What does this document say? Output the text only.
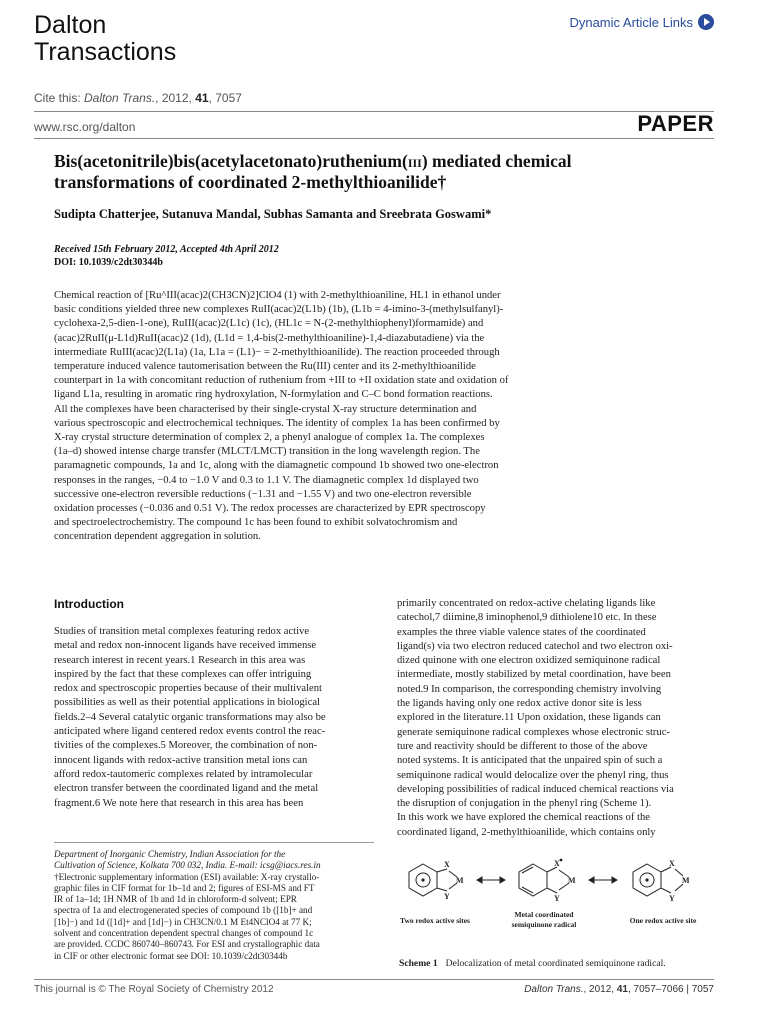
Dalton
Transactions
Dynamic Article Links
Cite this: Dalton Trans., 2012, 41, 7057
www.rsc.org/dalton	PAPER
Bis(acetonitrile)bis(acetylacetonato)ruthenium(iii) mediated chemical
transformations of coordinated 2-methylthioanilide†
Sudipta Chatterjee, Sutanuva Mandal, Subhas Samanta and Sreebrata Goswami*
Received 15th February 2012, Accepted 4th April 2012
DOI: 10.1039/c2dt30344b

Chemical reaction of [Ru^III(acac)2(CH3CN)2]ClO4 (1) with 2-methylthioaniline, HL1 in ethanol under

basic conditions yielded three new complexes RuII(acac)2(L1b) (1b), (L1b = 4-imino-3-(methylsulfanyl)-

cyclohexa-2,5-dien-1-one), RuIII(acac)2(L1c) (1c), (HL1c = N-(2-methylthiophenyl)formamide) and

(acac)2RuII(μ-L1d)RuII(acac)2 (1d), (L1d = 1,4-bis(2-methylthioaniline)-1,4-diazabutadiene) via the

intermediate RuIII(acac)2(L1a) (1a, L1a = (L1)− = 2-methylthioanilide). The reaction proceeded through

temperature induced valence tautomerisation between the Ru(III) center and its 2-methylthioanilide

counterpart in 1a with concomitant reduction of ruthenium from +III to +II oxidation state and oxidation of

ligand L1a, resulting in aromatic ring hydroxylation, N-formylation and C–C bond formation reactions.

All the complexes have been characterised by their single-crystal X-ray structure determination and

various spectroscopic and electrochemical techniques. The identity of complex 1a has been confirmed by

X-ray crystal structure determination of complex 2, a phenyl analogue of complex 1a. The complexes

(1a–d) showed intense charge transfer (MLCT/LMCT) transition in the long wavelength region. The

paramagnetic compounds, 1a and 1c, along with the diamagnetic compound 1b showed two one-electron

responses in the ranges, −0.4 to −1.0 V and 0.3 to 1.1 V. The diamagnetic complex 1d displayed two

successive one-electron reversible reductions (−1.31 and −1.55 V) and two one-electron reversible

oxidation processes (−0.036 and 0.51 V). The redox processes are characterized by EPR spectroscopy

and spectroelectrochemistry. The compound 1c has been found to exhibit solvatochromism and

concentration dependent aggregation in solution.

Introduction

Studies of transition metal complexes featuring redox active

metal and redox non-innocent ligands have received immense

research interest in recent years.1 Research in this area was

inspired by the fact that these complexes can offer intriguing

redox and spectroscopic properties because of their multivalent

possibilities as well as their potential applications in biological

fields.2–4 Several catalytic organic transformations may also be

anticipated where ligand centered redox events control the reac-

tivities of the complexes.5 Moreover, the combination of non-

innocent ligands with redox-active transition metal ions can

afford redox-tautomeric complexes related by intramolecular

electron transfer between the coordinated ligand and the metal

fragment.6 We note here that research in this area has been

primarily concentrated on redox-active chelating ligands like

catechol,7 diimine,8 iminophenol,9 dithiolene10 etc. In these

examples the three viable valence states of the coordinated

ligand(s) via two electron reduced catechol and two electron oxi-

dized quinone with one electron oxidized semiquinone radical

intermediate, mostly stabilized by metal coordination, have been

noted.9 In comparison, the corresponding chemistry involving

the ligands having only one redox active donor site is less

explored in the literature.11 Upon oxidation, these ligands can

generate semiquinone radical complexes whose electronic struc-

ture and reactivity should be different to those of the above

noted systems. It is anticipated that the unpaired spin of such a

semiquinone radical would delocalize over the phenyl ring, thus

developing possibilities of radical induced chemical reactions via

the disruption of conjugation in the phenyl ring (Scheme 1).

In this work we have explored the chemical reactions of the

coordinated ligand, 2-methylthioanilide, which contains only

Department of Inorganic Chemistry, Indian Association for the

Cultivation of Science, Kolkata 700 032, India. E-mail: icsg@iacs.res.in

†Electronic supplementary information (ESI) available: X-ray crystallo-

graphic files in CIF format for 1b–1d and 2; figures of ESI-MS and FT

IR of 1a–1d; 1H NMR of 1b and 1d in chloroform-d solvent; EPR

spectra of 1a and electrogenerated species of compound 1b ([1b]+ and

[1b]−) and 1d ([1d]+ and [1d]−) in CH3CN/0.1 M Et4NClO4 at 77 K;

solvent and concentration dependent spectral changes of compound 1c

are provided. CCDC 860740–860743. For ESI and crystallographic data

in CIF or other electronic format see DOI: 10.1039/c2dt30344b

X
Y
M
X
Y
M
X
Y
M
Two redox active sites
Metal coordinated
semiquinone radical	One redox active site
Scheme 1 Delocalization of metal coordinated semiquinone radical.
This journal is © The Royal Society of Chemistry 2012	Dalton Trans., 2012, 41, 7057–7066 | 7057
